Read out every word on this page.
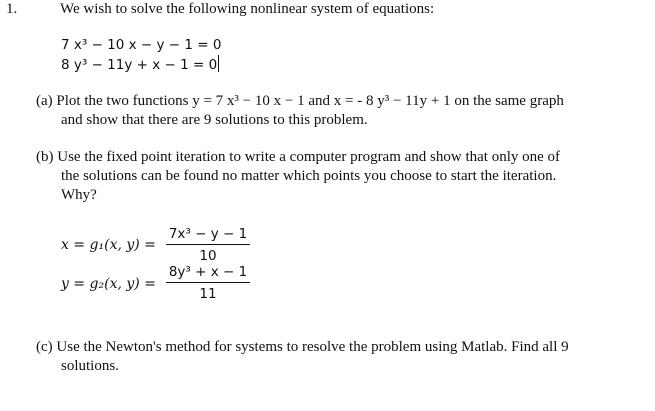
1.	We wish to solve the following nonlinear system of equations:
7 x³ − 10 x − y − 1 = 0
8 y³ − 11y + x − 1 = 0
(a) Plot the two functions y = 7 x³ − 10 x − 1 and x = - 8 y³ − 11y + 1 on the same graph
and show that there are 9 solutions to this problem.
(b) Use the fixed point iteration to write a computer program and show that only one of
the solutions can be found no matter which points you choose to start the iteration.
Why?
x = g₁(x, y) =
7x³ − y − 1
10
y = g₂(x, y) =
8y³ + x − 1
11
(c) Use the Newton's method for systems to resolve the problem using Matlab. Find all 9
solutions.
